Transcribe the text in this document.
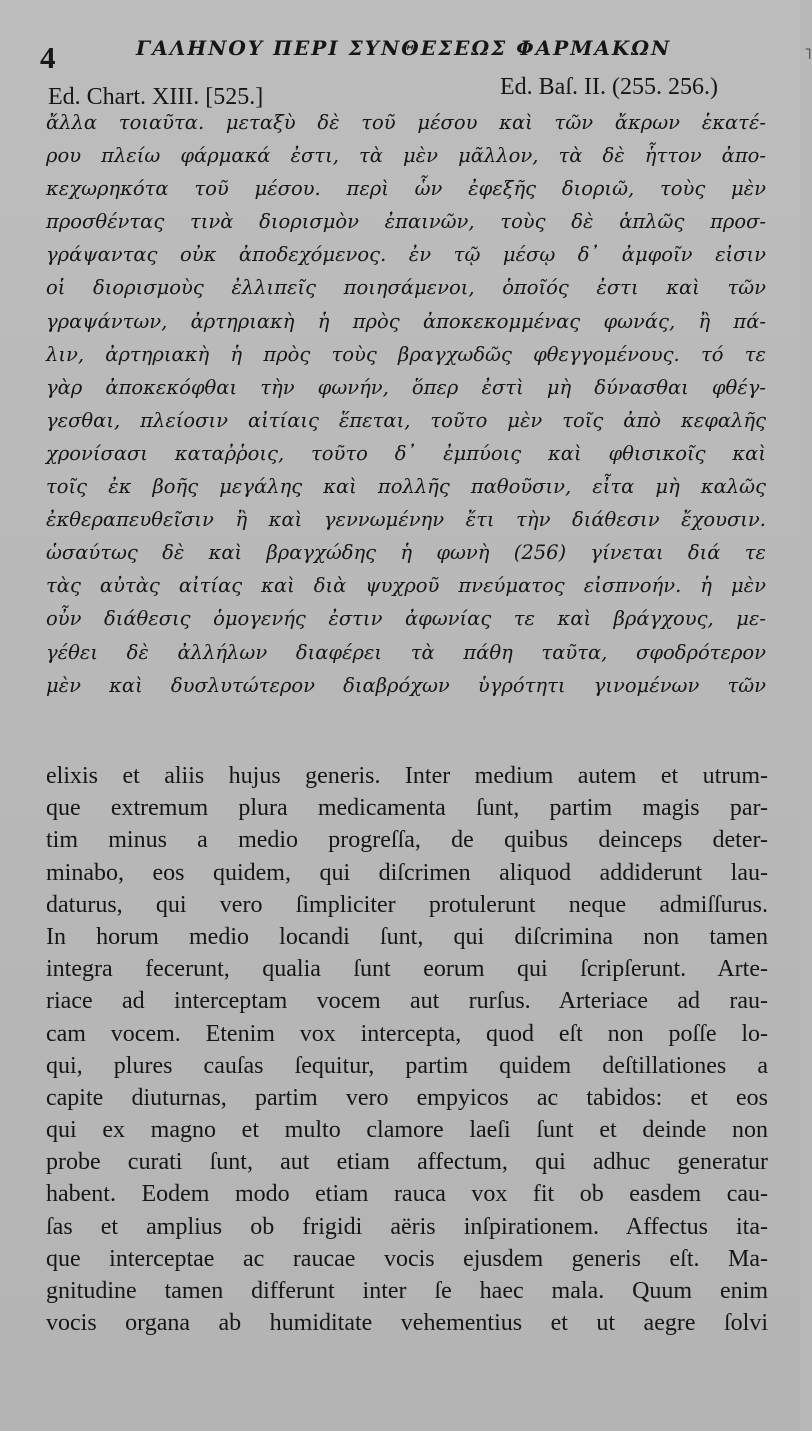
4	ΓΑΛΗΝΟΥ ΠΕΡΙ ΣΥΝΘΕΣΕΩΣ ΦΑΡΜΑΚΩΝ	˥
Ed. Chart. XIII. [525.]	Ed. Baſ. II. (255. 256.)
ἄλλα τοιαῦτα. μεταξὺ δὲ τοῦ μέσου καὶ τῶν ἄκρων ἑκατέ-
ρου πλείω φάρμακά ἐστι, τὰ μὲν μᾶλλον, τὰ δὲ ἧττον ἀπο-
κεχωρηκότα τοῦ μέσου. περὶ ὧν ἐφεξῆς διοριῶ, τοὺς μὲν
προσθέντας τινὰ διορισμὸν ἐπαινῶν, τοὺς δὲ ἁπλῶς προσ-
γράψαντας οὐκ ἀποδεχόμενος. ἐν τῷ μέσῳ δ᾽ ἀμφοῖν εἰσιν
οἱ διορισμοὺς ἐλλιπεῖς ποιησάμενοι, ὁποῖός ἐστι καὶ τῶν
γραψάντων, ἀρτηριακὴ ἡ πρὸς ἀποκεκομμένας φωνάς, ἢ πά-
λιν, ἀρτηριακὴ ἡ πρὸς τοὺς βραγχωδῶς φθεγγομένους. τό τε
γὰρ ἀποκεκόφθαι τὴν φωνήν, ὅπερ ἐστὶ μὴ δύνασθαι φθέγ-
γεσθαι, πλείοσιν αἰτίαις ἕπεται, τοῦτο μὲν τοῖς ἀπὸ κεφαλῆς
χρονίσασι καταῤῥοις, τοῦτο δ᾽ ἐμπύοις καὶ φθισικοῖς καὶ
τοῖς ἐκ βοῆς μεγάλης καὶ πολλῆς παθοῦσιν, εἶτα μὴ καλῶς
ἐκθεραπευθεῖσιν ἢ καὶ γεννωμένην ἔτι τὴν διάθεσιν ἔχουσιν.
ὡσαύτως δὲ καὶ βραγχώδης ἡ φωνὴ (256) γίνεται διά τε
τὰς αὐτὰς αἰτίας καὶ διὰ ψυχροῦ πνεύματος εἰσπνοήν. ἡ μὲν
οὖν διάθεσις ὁμογενής ἐστιν ἀφωνίας τε καὶ βράγχους, με-
γέθει δὲ ἀλλήλων διαφέρει τὰ πάθη ταῦτα, σφοδρότερον
μὲν καὶ δυσλυτώτερον διαβρόχων ὑγρότητι γινομένων τῶν
elixis et aliis hujus generis. Inter medium autem et utrum-
que extremum plura medicamenta ſunt, partim magis par-
tim minus a medio progreſſa, de quibus deinceps deter-
minabo, eos quidem, qui diſcrimen aliquod addiderunt lau-
daturus, qui vero ſimpliciter protulerunt neque admiſſurus.
In horum medio locandi ſunt, qui diſcrimina non tamen
integra fecerunt, qualia ſunt eorum qui ſcripſerunt. Arte-
riace ad interceptam vocem aut rurſus. Arteriace ad rau-
cam vocem. Etenim vox intercepta, quod eſt non poſſe lo-
qui, plures cauſas ſequitur, partim quidem deſtillationes a
capite diuturnas, partim vero empyicos ac tabidos: et eos
qui ex magno et multo clamore laeſi ſunt et deinde non
probe curati ſunt, aut etiam affectum, qui adhuc generatur
habent. Eodem modo etiam rauca vox fit ob easdem cau-
ſas et amplius ob frigidi aëris inſpirationem. Affectus ita-
que interceptae ac raucae vocis ejusdem generis eſt. Ma-
gnitudine tamen differunt inter ſe haec mala. Quum enim
vocis organa ab humiditate vehementius et ut aegre ſolvi
